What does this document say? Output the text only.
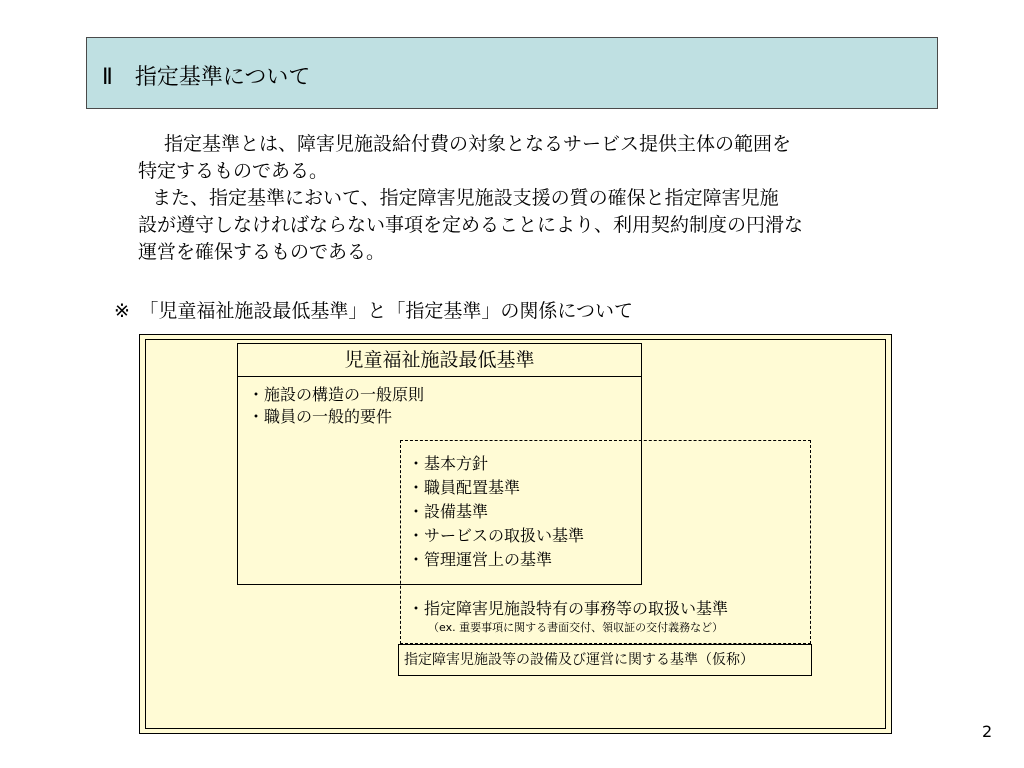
Ⅱ　指定基準について

指定基準とは、障害児施設給付費の対象となるサービス提供主体の範囲を

特定するものである。

また、指定基準において、指定障害児施設支援の質の確保と指定障害児施

設が遵守しなければならない事項を定めることにより、利用契約制度の円滑な

運営を確保するものである。

※　「児童福祉施設最低基準」と「指定基準」の関係について
児童福祉施設最低基準
・施設の構造の一般原則
・職員の一般的要件
・基本方針
・職員配置基準
・設備基準
・サービスの取扱い基準
・管理運営上の基準
・指定障害児施設特有の事務等の取扱い基準
（ex. 重要事項に関する書面交付、領収証の交付義務など）
指定障害児施設等の設備及び運営に関する基準（仮称）
2
